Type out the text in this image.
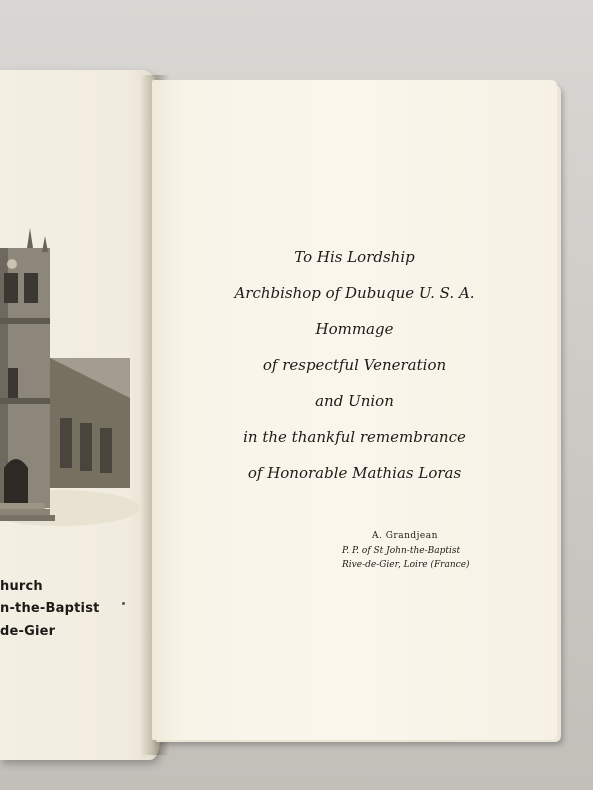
hurch
n-the-Baptist
de-Gier
To His Lordship
Archbishop of Dubuque U. S. A.
Hommage
of respectful Veneration
and Union
in the thankful remembrance
of Honorable Mathias Loras
A. Grandjean
P. P. of St John-the-Baptist
Rive-de-Gier, Loire (France)
